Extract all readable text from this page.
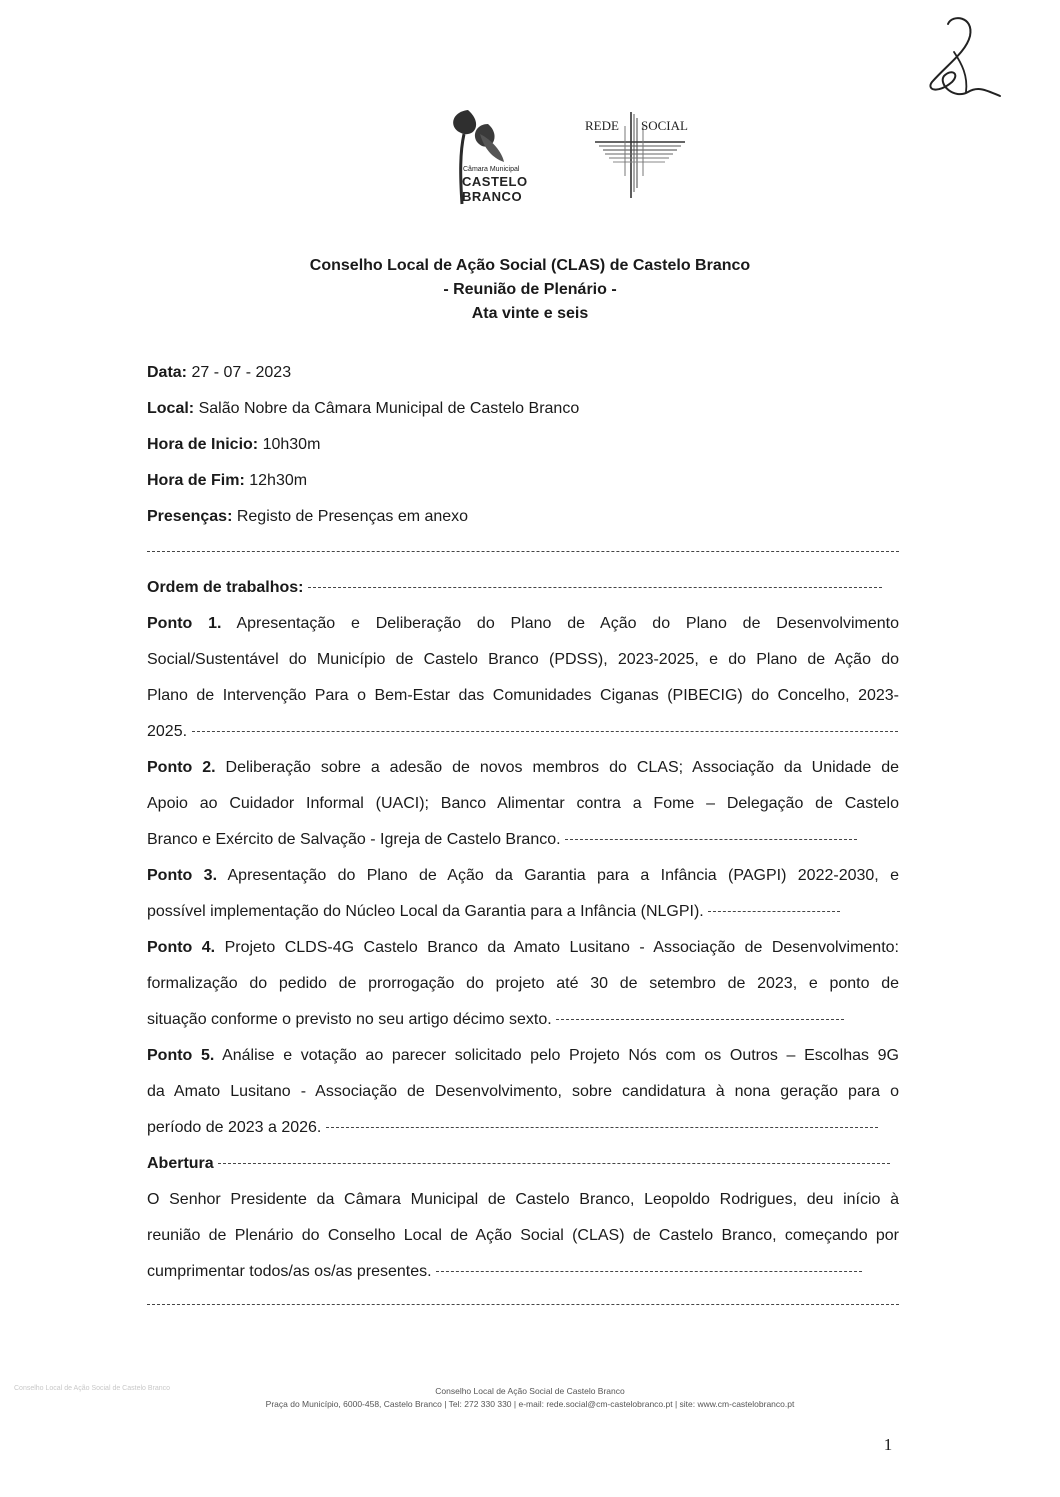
Câmara Municipal
CASTELO
BRANCO
REDE SOCIAL
Conselho Local de Ação Social (CLAS) de Castelo Branco
- Reunião de Plenário -
Ata vinte e seis
Data: 27 - 07 - 2023
Local: Salão Nobre da Câmara Municipal de Castelo Branco
Hora de Inicio: 10h30m
Hora de Fim: 12h30m
Presenças: Registo de Presenças em anexo
Ordem de trabalhos:
Ponto 1. Apresentação e Deliberação do Plano de Ação do Plano de Desenvolvimento
Social/Sustentável do Município de Castelo Branco (PDSS), 2023-2025, e do Plano de Ação do
Plano de Intervenção Para o Bem-Estar das Comunidades Ciganas (PIBECIG) do Concelho, 2023-
2025.
Ponto 2. Deliberação sobre a adesão de novos membros do CLAS; Associação da Unidade de
Apoio ao Cuidador Informal (UACI); Banco Alimentar contra a Fome – Delegação de Castelo
Branco e Exército de Salvação - Igreja de Castelo Branco.
Ponto 3. Apresentação do Plano de Ação da Garantia para a Infância (PAGPI) 2022-2030, e
possível implementação do Núcleo Local da Garantia para a Infância (NLGPI).
Ponto 4. Projeto CLDS-4G Castelo Branco da Amato Lusitano - Associação de Desenvolvimento:
formalização do pedido de prorrogação do projeto até 30 de setembro de 2023, e ponto de
situação conforme o previsto no seu artigo décimo sexto.
Ponto 5. Análise e votação ao parecer solicitado pelo Projeto Nós com os Outros – Escolhas 9G
da Amato Lusitano - Associação de Desenvolvimento, sobre candidatura à nona geração para o
período de 2023 a 2026.
Abertura
O Senhor Presidente da Câmara Municipal de Castelo Branco, Leopoldo Rodrigues, deu início à
reunião de Plenário do Conselho Local de Ação Social (CLAS) de Castelo Branco, começando por
cumprimentar todos/as os/as presentes.
Conselho Local de Ação Social de Castelo Branco	Conselho Local de Ação Social de Castelo Branco
Praça do Município, 6000-458, Castelo Branco | Tel: 272 330 330 | e-mail: rede.social@cm-castelobranco.pt | site: www.cm-castelobranco.pt
1
